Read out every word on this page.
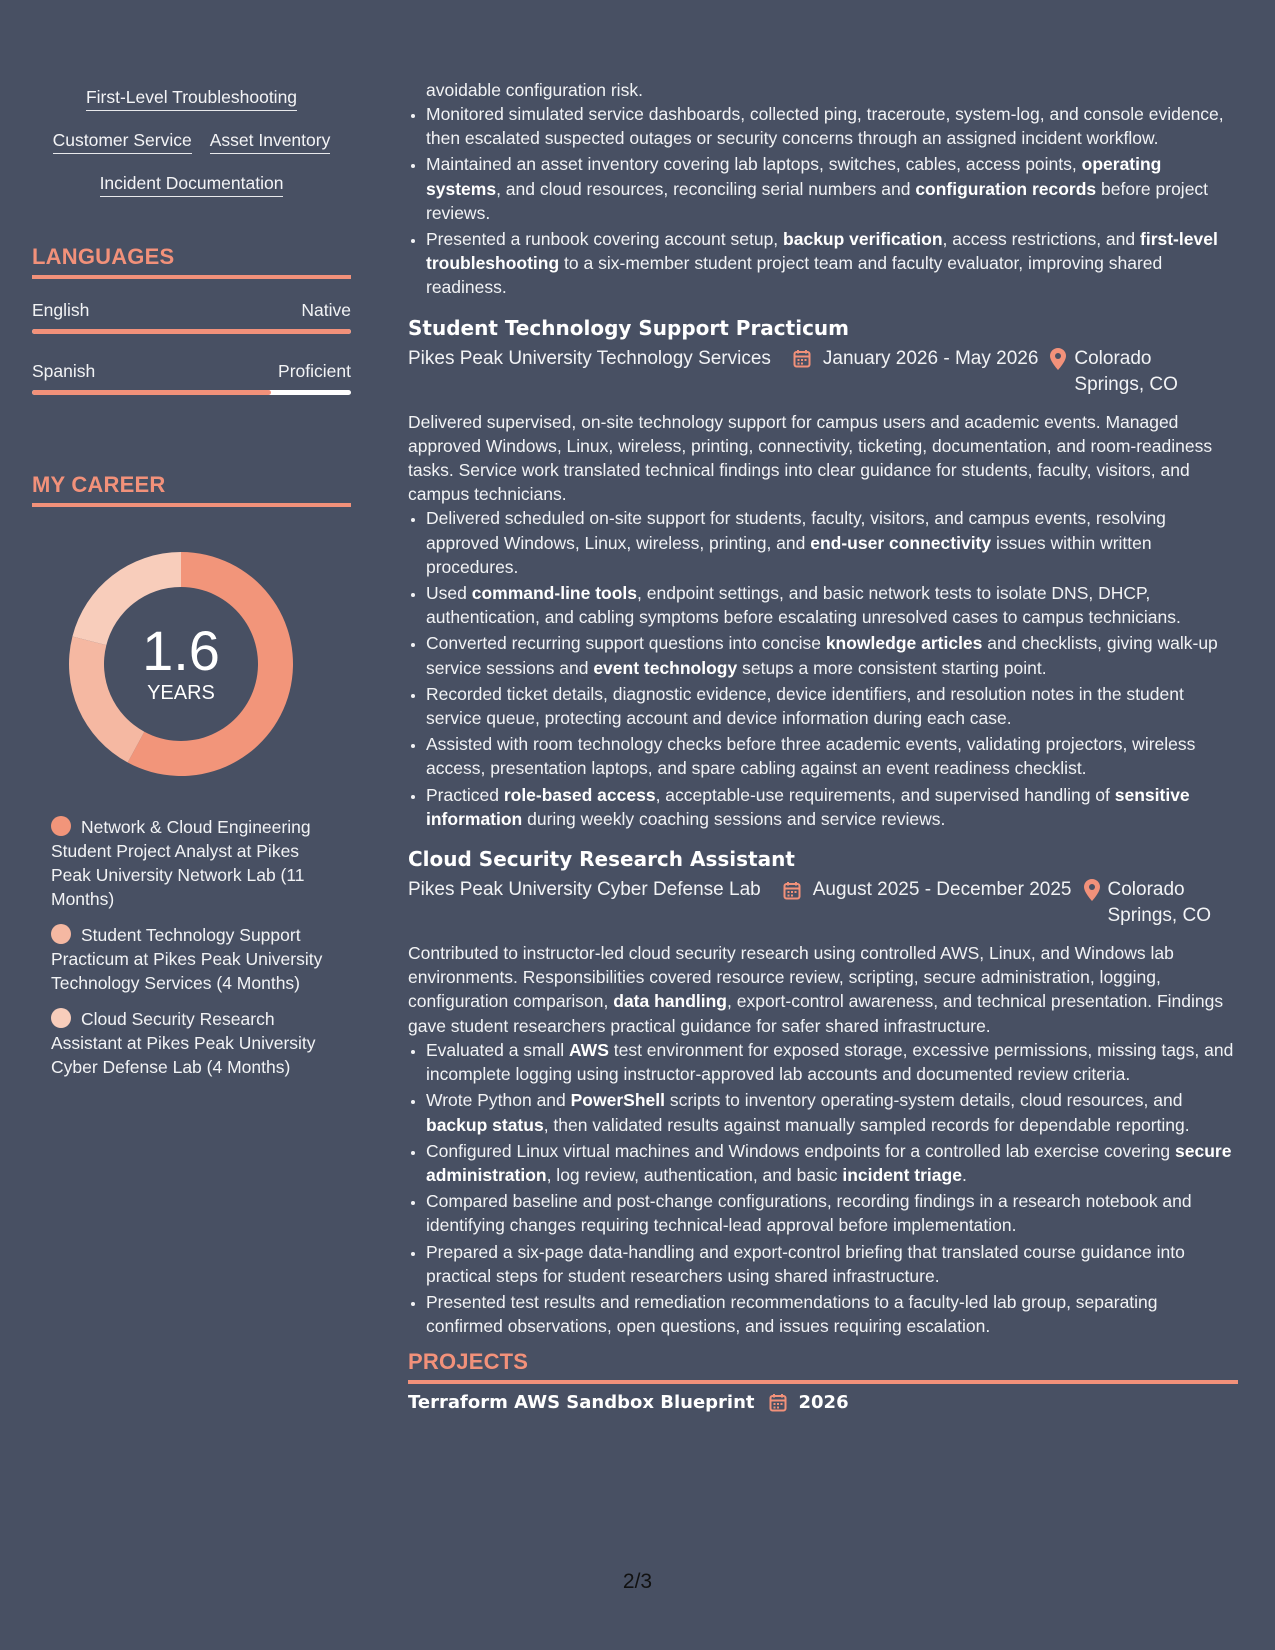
First-Level Troubleshooting
Customer Service Asset Inventory
Incident Documentation
LANGUAGES
English	Native
Spanish	Proficient
MY CAREER
1.6
YEARS
Network & Cloud Engineering Student Project Analyst at Pikes Peak University Network Lab (11 Months)
Student Technology Support Practicum at Pikes Peak University Technology Services (4 Months)
Cloud Security Research Assistant at Pikes Peak University Cyber Defense Lab (4 Months)
avoidable configuration risk.
• Monitored simulated service dashboards, collected ping, traceroute, system-log, and console evidence, then escalated suspected outages or security concerns through an assigned incident workflow.
• Maintained an asset inventory covering lab laptops, switches, cables, access points, operating systems, and cloud resources, reconciling serial numbers and configuration records before project reviews.
• Presented a runbook covering account setup, backup verification, access restrictions, and first-level troubleshooting to a six-member student project team and faculty evaluator, improving shared readiness.
Student Technology Support Practicum
Pikes Peak University Technology Services	January 2026 - May 2026 Colorado Springs, CO
Delivered supervised, on-site technology support for campus users and academic events. Managed approved Windows, Linux, wireless, printing, connectivity, ticketing, documentation, and room-readiness tasks. Service work translated technical findings into clear guidance for students, faculty, visitors, and campus technicians.
• Delivered scheduled on-site support for students, faculty, visitors, and campus events, resolving approved Windows, Linux, wireless, printing, and end-user connectivity issues within written procedures.
• Used command-line tools, endpoint settings, and basic network tests to isolate DNS, DHCP, authentication, and cabling symptoms before escalating unresolved cases to campus technicians.
• Converted recurring support questions into concise knowledge articles and checklists, giving walk-up service sessions and event technology setups a more consistent starting point.
• Recorded ticket details, diagnostic evidence, device identifiers, and resolution notes in the student service queue, protecting account and device information during each case.
• Assisted with room technology checks before three academic events, validating projectors, wireless access, presentation laptops, and spare cabling against an event readiness checklist.
• Practiced role-based access, acceptable-use requirements, and supervised handling of sensitive information during weekly coaching sessions and service reviews.
Cloud Security Research Assistant
Pikes Peak University Cyber Defense Lab	August 2025 - December 2025 Colorado Springs, CO
Contributed to instructor-led cloud security research using controlled AWS, Linux, and Windows lab environments. Responsibilities covered resource review, scripting, secure administration, logging, configuration comparison, data handling, export-control awareness, and technical presentation. Findings gave student researchers practical guidance for safer shared infrastructure.
• Evaluated a small AWS test environment for exposed storage, excessive permissions, missing tags, and incomplete logging using instructor-approved lab accounts and documented review criteria.
• Wrote Python and PowerShell scripts to inventory operating-system details, cloud resources, and backup status, then validated results against manually sampled records for dependable reporting.
• Configured Linux virtual machines and Windows endpoints for a controlled lab exercise covering secure administration, log review, authentication, and basic incident triage.
• Compared baseline and post-change configurations, recording findings in a research notebook and identifying changes requiring technical-lead approval before implementation.
• Prepared a six-page data-handling and export-control briefing that translated course guidance into practical steps for student researchers using shared infrastructure.
• Presented test results and remediation recommendations to a faculty-led lab group, separating confirmed observations, open questions, and issues requiring escalation.
PROJECTS
Terraform AWS Sandbox Blueprint 2026
2/3
